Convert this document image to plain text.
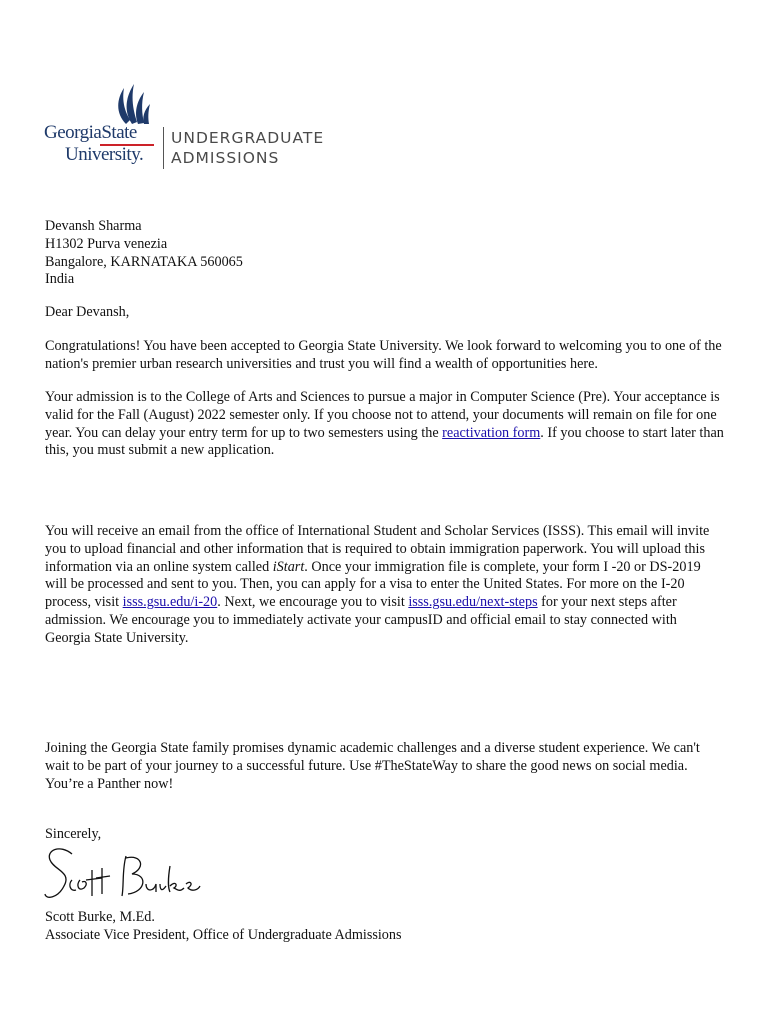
GeorgiaState
University.
UNDERGRADUATE
ADMISSIONS
Devansh Sharma
H1302 Purva venezia
Bangalore, KARNATAKA 560065
India

Dear Devansh,

Congratulations! You have been accepted to Georgia State University. We look forward to welcoming you to one of the nation's premier urban research universities and trust you will find a wealth of opportunities here.

Your admission is to the College of Arts and Sciences to pursue a major in Computer Science (Pre). Your acceptance is valid for the Fall (August) 2022 semester only. If you choose not to attend, your documents will remain on file for one year. You can delay your entry term for up to two semesters using the reactivation form. If you choose to start later than this, you must submit a new application.

You will receive an email from the office of International Student and Scholar Services (ISSS). This email will invite you to upload financial and other information that is required to obtain immigration paperwork. You will upload this information via an online system called iStart. Once your immigration file is complete, your form I -20 or DS-2019 will be processed and sent to you. Then, you can apply for a visa to enter the United States. For more on the I-20 process, visit isss.gsu.edu/i-20. Next, we encourage you to visit isss.gsu.edu/next-steps for your next steps after admission. We encourage you to immediately activate your campusID and official email to stay connected with Georgia State University.

Joining the Georgia State family promises dynamic academic challenges and a diverse student experience. We can't wait to be part of your journey to a successful future. Use #TheStateWay to share the good news on social media. You’re a Panther now!

Sincerely,

Scott Burke, M.Ed.
Associate Vice President, Office of Undergraduate Admissions
